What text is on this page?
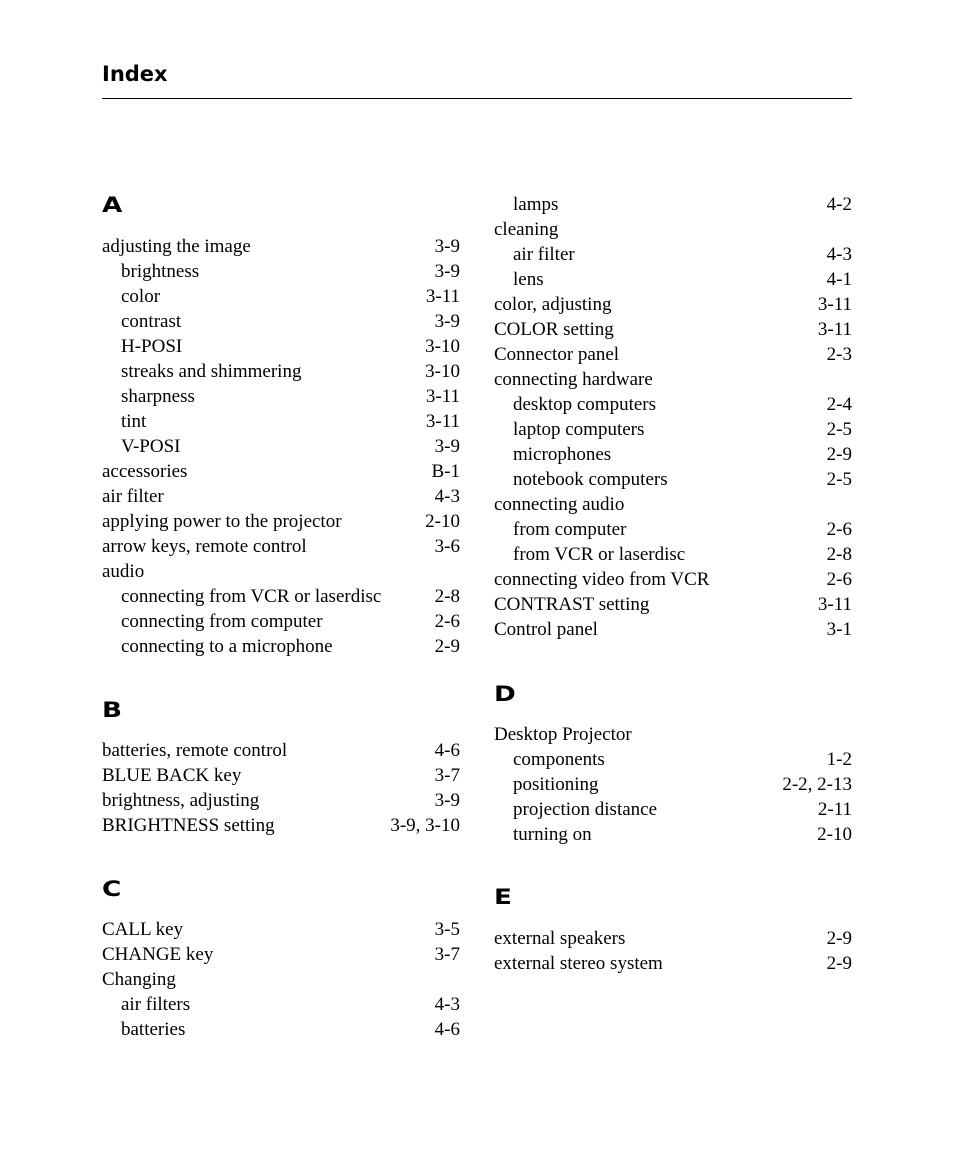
Index
A
adjusting the image	3-9
brightness	3-9
color	3-11
contrast	3-9
H-POSI	3-10
streaks and shimmering	3-10
sharpness	3-11
tint	3-11
V-POSI	3-9
accessories	B-1
air filter	4-3
applying power to the projector	2-10
arrow keys, remote control	3-6
audio
connecting from VCR or laserdisc	2-8
connecting from computer	2-6
connecting to a microphone	2-9
B
batteries, remote control	4-6
BLUE BACK key	3-7
brightness, adjusting	3-9
BRIGHTNESS setting	3-9, 3-10
C
CALL key	3-5
CHANGE key	3-7
Changing
air filters	4-3
batteries	4-6
lamps	4-2
cleaning
air filter	4-3
lens	4-1
color, adjusting	3-11
COLOR setting	3-11
Connector panel	2-3
connecting hardware
desktop computers	2-4
laptop computers	2-5
microphones	2-9
notebook computers	2-5
connecting audio
from computer	2-6
from VCR or laserdisc	2-8
connecting video from VCR	2-6
CONTRAST setting	3-11
Control panel	3-1
D
Desktop Projector
components	1-2
positioning	2-2, 2-13
projection distance	2-11
turning on	2-10
E
external speakers	2-9
external stereo system	2-9
